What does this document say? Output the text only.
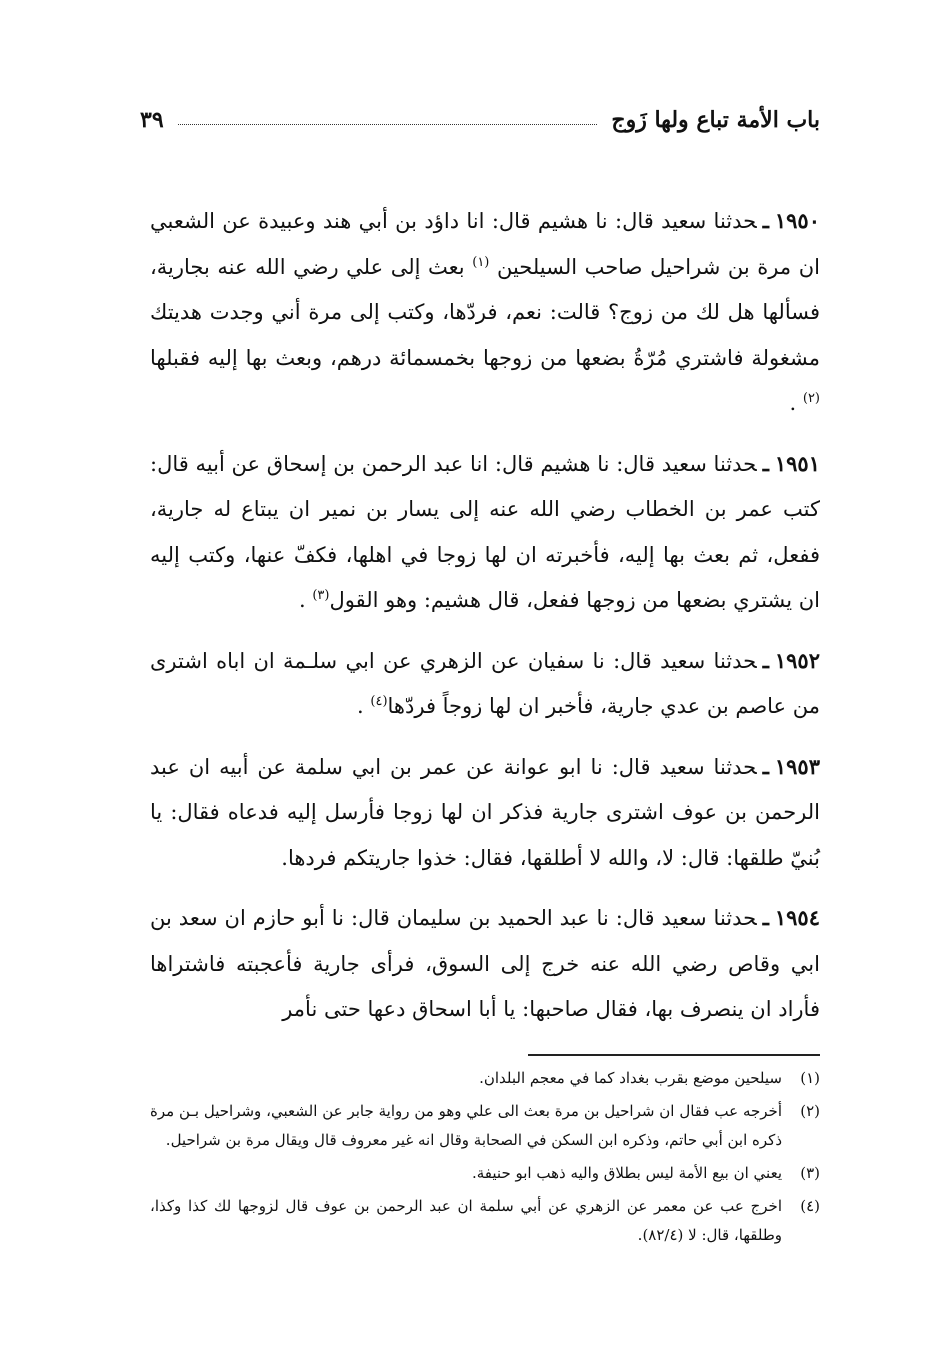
باب الأمة تباع ولها زَوج
٣٩

١٩٥٠ـحدثنا سعيد قال: نا هشيم قال: انا داؤد بن أبي هند وعبيدة عن الشعبي ان مرة بن شراحيل صاحب السيلحين $^{(١)}$ بعث إلى علي رضي الله عنه بجارية، فسألها هل لك من زوج؟ قالت: نعم، فردّها، وكتب إلى مرة أني وجدت هديتك مشغولة فاشتري مُرّةُ بضعها من زوجها بخمسمائة درهم، وبعث بها إليه فقبلها $^{(٢)}$ .

١٩٥١ـحدثنا سعيد قال: نا هشيم قال: انا عبد الرحمن بن إسحاق عن أبيه قال: كتب عمر بن الخطاب رضي الله عنه إلى يسار بن نمير ان يبتاع له جارية، ففعل، ثم بعث بها إليه، فأخبرته ان لها زوجا في اهلها، فكفّ عنها، وكتب إليه ان يشتري بضعها من زوجها ففعل، قال هشيم: وهو القول$^{(٣)}$ .

١٩٥٢ـحدثنا سعيد قال: نا سفيان عن الزهري عن ابي سلـمة ان اباه اشترى من عاصم بن عدي جارية، فأخبر ان لها زوجاً فردّها$^{(٤)}$ .

١٩٥٣ـحدثنا سعيد قال: نا ابو عوانة عن عمر بن ابي سلمة عن أبيه ان عبد الرحمن بن عوف اشترى جارية فذكر ان لها زوجا فأرسل إليه فدعاه فقال: يا بُنيّ طلقها: قال: لا، والله لا أطلقها، فقال: خذوا جاريتكم فردها.

١٩٥٤ـحدثنا سعيد قال: نا عبد الحميد بن سليمان قال: نا أبو حازم ان سعد بن ابي وقاص رضي الله عنه خرج إلى السوق، فرأى جارية فأعجبته فاشتراها فأراد ان ينصرف بها، فقال صاحبها: يا أبا اسحاق دعها حتى نأمر

(١)
سيلحين موضع بقرب بغداد كما في معجم البلدان.
(٢)
أخرجه عب فقال ان شراحيل بن مرة بعث الى علي وهو من رواية جابر عن الشعبي، وشراحيل بـن مرة ذكره ابن أبي حاتم، وذكره ابن السكن في الصحابة وقال انه غير معروف قال ويقال مرة بن شراحيل.
(٣)
يعني ان بيع الأمة ليس بطلاق واليه ذهب ابو حنيفة.
(٤)
اخرج عب عن معمر عن الزهري عن أبي سلمة ان عبد الرحمن بن عوف قال لزوجها لك كذا وكذا، وطلقها، قال: لا (٨٢/٤).
